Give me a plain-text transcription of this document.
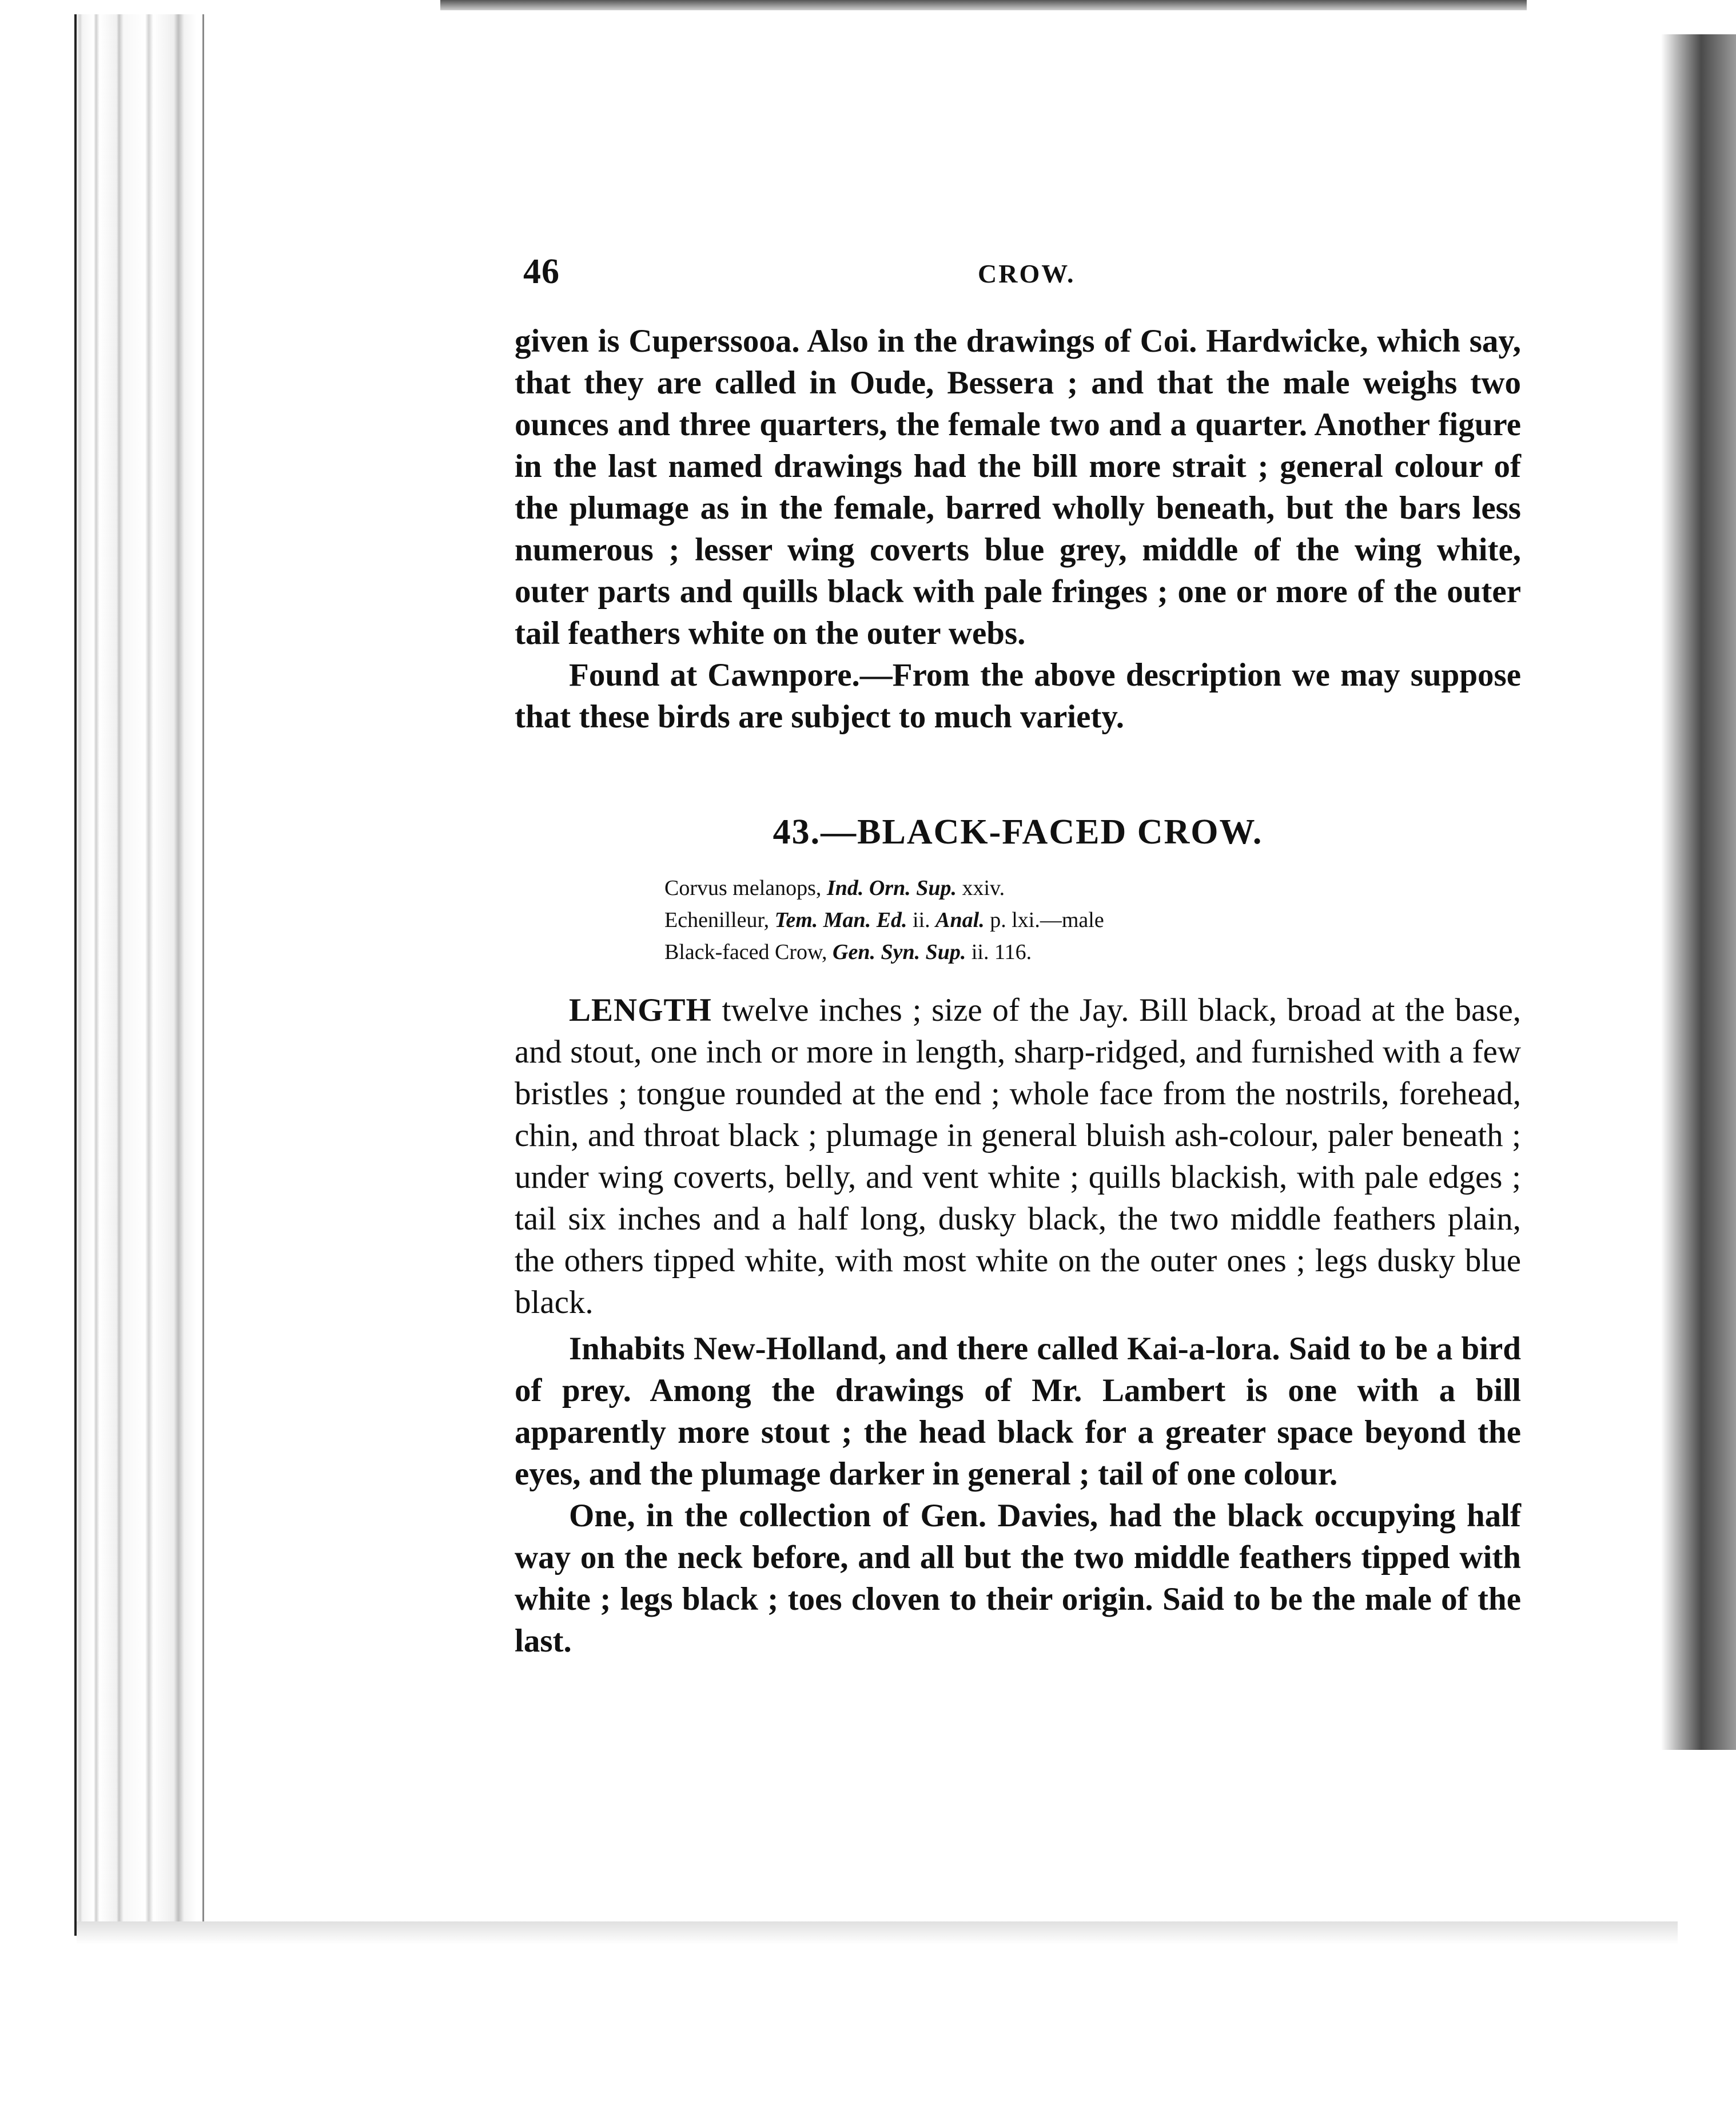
46	CROW.

given is Cuperssooa. Also in the drawings of Coi. Hardwicke, which say, that they are called in Oude, Bessera ; and that the male weighs two ounces and three quarters, the female two and a quarter. Another figure in the last named drawings had the bill more strait ; general colour of the plumage as in the female, barred wholly beneath, but the bars less numerous ; lesser wing coverts blue grey, middle of the wing white, outer parts and quills black with pale fringes ; one or more of the outer tail feathers white on the outer webs.

Found at Cawnpore.—From the above description we may suppose that these birds are subject to much variety.

43.—BLACK-FACED CROW.
Corvus melanops, Ind. Orn. Sup. xxiv.
Echenilleur, Tem. Man. Ed. ii. Anal. p. lxi.—male
Black-faced Crow, Gen. Syn. Sup. ii. 116.

LENGTH twelve inches ; size of the Jay. Bill black, broad at the base, and stout, one inch or more in length, sharp-ridged, and furnished with a few bristles ; tongue rounded at the end ; whole face from the nostrils, forehead, chin, and throat black ; plumage in general bluish ash-colour, paler beneath ; under wing coverts, belly, and vent white ; quills blackish, with pale edges ; tail six inches and a half long, dusky black, the two middle feathers plain, the others tipped white, with most white on the outer ones ; legs dusky blue black.

Inhabits New-Holland, and there called Kai-a-lora. Said to be a bird of prey. Among the drawings of Mr. Lambert is one with a bill apparently more stout ; the head black for a greater space beyond the eyes, and the plumage darker in general ; tail of one colour.

One, in the collection of Gen. Davies, had the black occupying half way on the neck before, and all but the two middle feathers tipped with white ; legs black ; toes cloven to their origin. Said to be the male of the last.
